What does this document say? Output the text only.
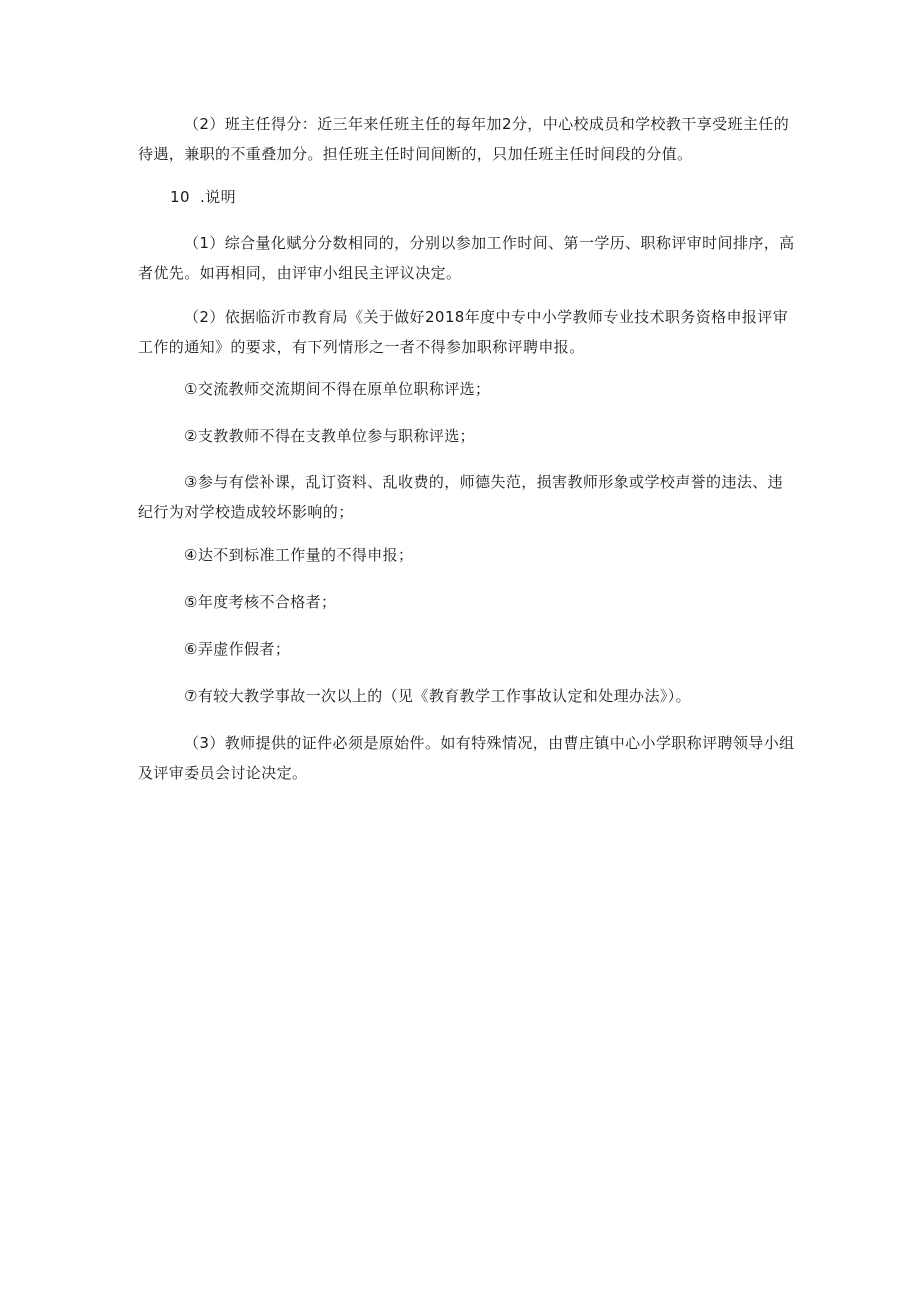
（2）班主任得分：近三年来任班主任的每年加2分，中心校成员和学校教干享受班主任的待遇，兼职的不重叠加分。担任班主任时间间断的，只加任班主任时间段的分值。

10 .说明

（1）综合量化赋分分数相同的，分别以参加工作时间、第一学历、职称评审时间排序，高者优先。如再相同，由评审小组民主评议决定。

（2）依据临沂市教育局《关于做好2018年度中专中小学教师专业技术职务资格申报评审工作的通知》的要求，有下列情形之一者不得参加职称评聘申报。

①交流教师交流期间不得在原单位职称评选；

②支教教师不得在支教单位参与职称评选；

③参与有偿补课，乱订资料、乱收费的，师德失范，损害教师形象或学校声誉的违法、违纪行为对学校造成较坏影响的；

④达不到标准工作量的不得申报；

⑤年度考核不合格者；

⑥弄虚作假者；

⑦有较大教学事故一次以上的（见《教育教学工作事故认定和处理办法》）。

（3）教师提供的证件必须是原始件。如有特殊情况，由曹庄镇中心小学职称评聘领导小组及评审委员会讨论决定。
